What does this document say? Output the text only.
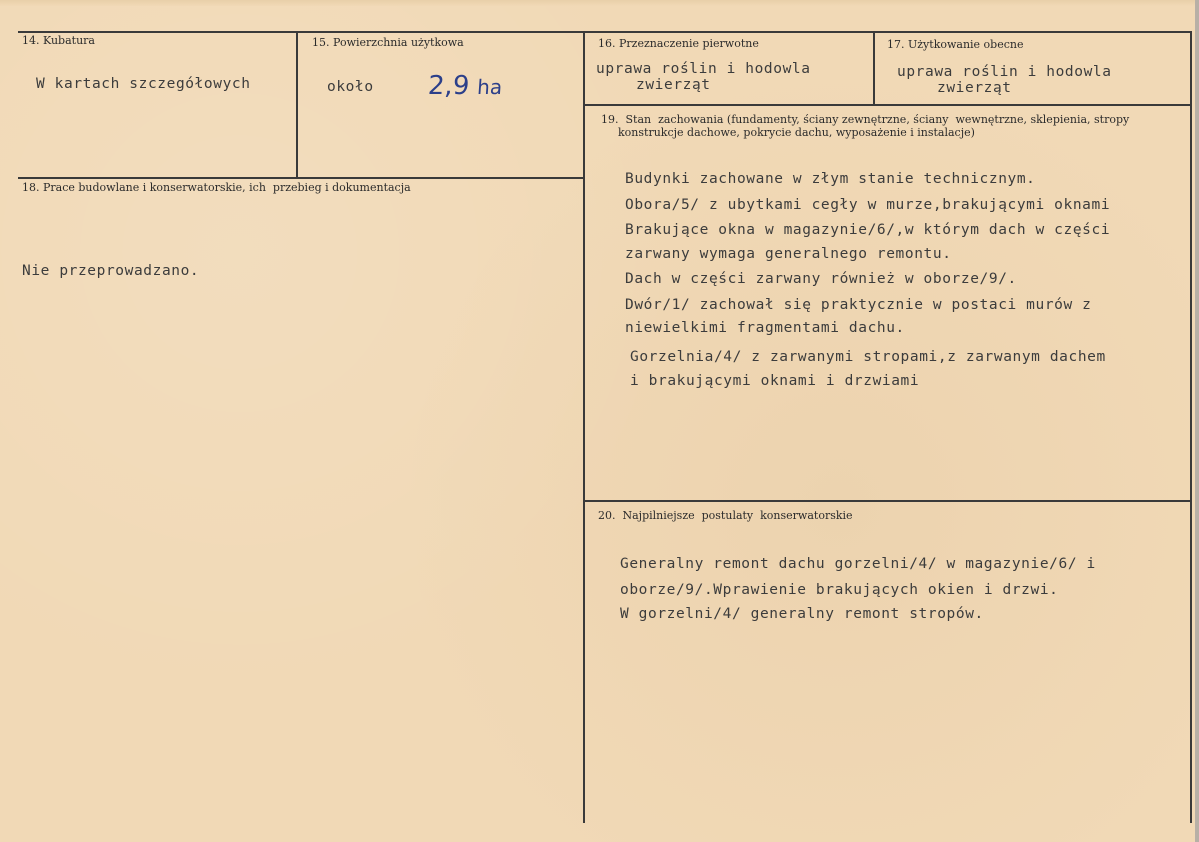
14. Kubatura
W kartach szczegółowych
15. Powierzchnia użytkowa
około 2,9 ha
16. Przeznaczenie pierwotne
uprawa roślin i hodowla
zwierząt
17. Użytkowanie obecne
uprawa roślin i hodowla
zwierząt
18. Prace budowlane i konserwatorskie, ich  przebieg i dokumentacja
Nie przeprowadzano.
19.  Stan  zachowania (fundamenty, ściany zewnętrzne, ściany  wewnętrzne, sklepienia, stropy
konstrukcje dachowe, pokrycie dachu, wyposażenie i instalacje)
Budynki zachowane w złym stanie technicznym.
Obora/5/ z ubytkami cegły w murze,brakującymi oknami
Brakujące okna w magazynie/6/,w którym dach w części
zarwany wymaga generalnego remontu.
Dach w części zarwany również w oborze/9/.
Dwór/1/ zachował się praktycznie w postaci murów z
niewielkimi fragmentami dachu.
Gorzelnia/4/ z zarwanymi stropami,z zarwanym dachem
i brakującymi oknami i drzwiami
20.  Najpilniejsze  postulaty  konserwatorskie
Generalny remont dachu gorzelni/4/ w magazynie/6/ i
oborze/9/.Wprawienie brakujących okien i drzwi.
W gorzelni/4/ generalny remont stropów.
